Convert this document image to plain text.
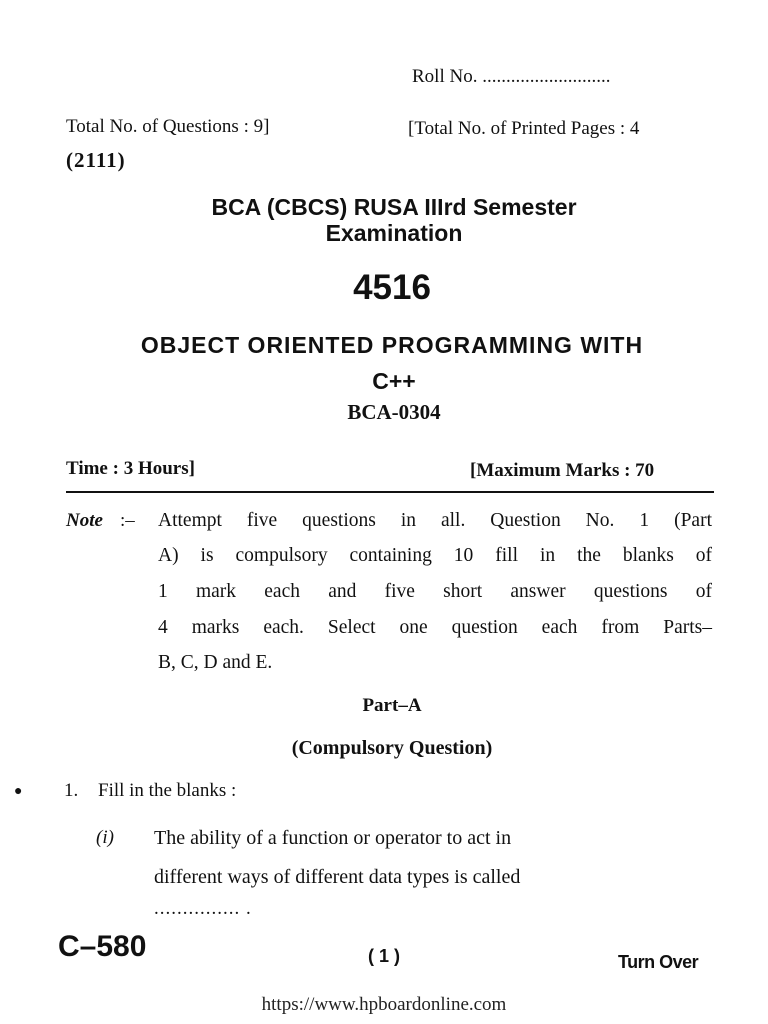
Roll No. ...........................
Total No. of Questions : 9]	[Total No. of Printed Pages : 4
(2111)
BCA (CBCS) RUSA IIIrd Semester
Examination
4516
OBJECT ORIENTED PROGRAMMING WITH
C++
BCA-0304
Time : 3 Hours]	[Maximum Marks : 70
Note :– Attempt five questions in all. Question No. 1 (Part
A) is compulsory containing 10 fill in the blanks of
1 mark each and five short answer questions of
4 marks each. Select one question each from Parts–
B, C, D and E.
Part–A
(Compulsory Question)
● 1. Fill in the blanks :
(i) The ability of a function or operator to act in
different ways of different data types is called
............... .
C–580	( 1 )	Turn Over
https://www.hpboardonline.com
